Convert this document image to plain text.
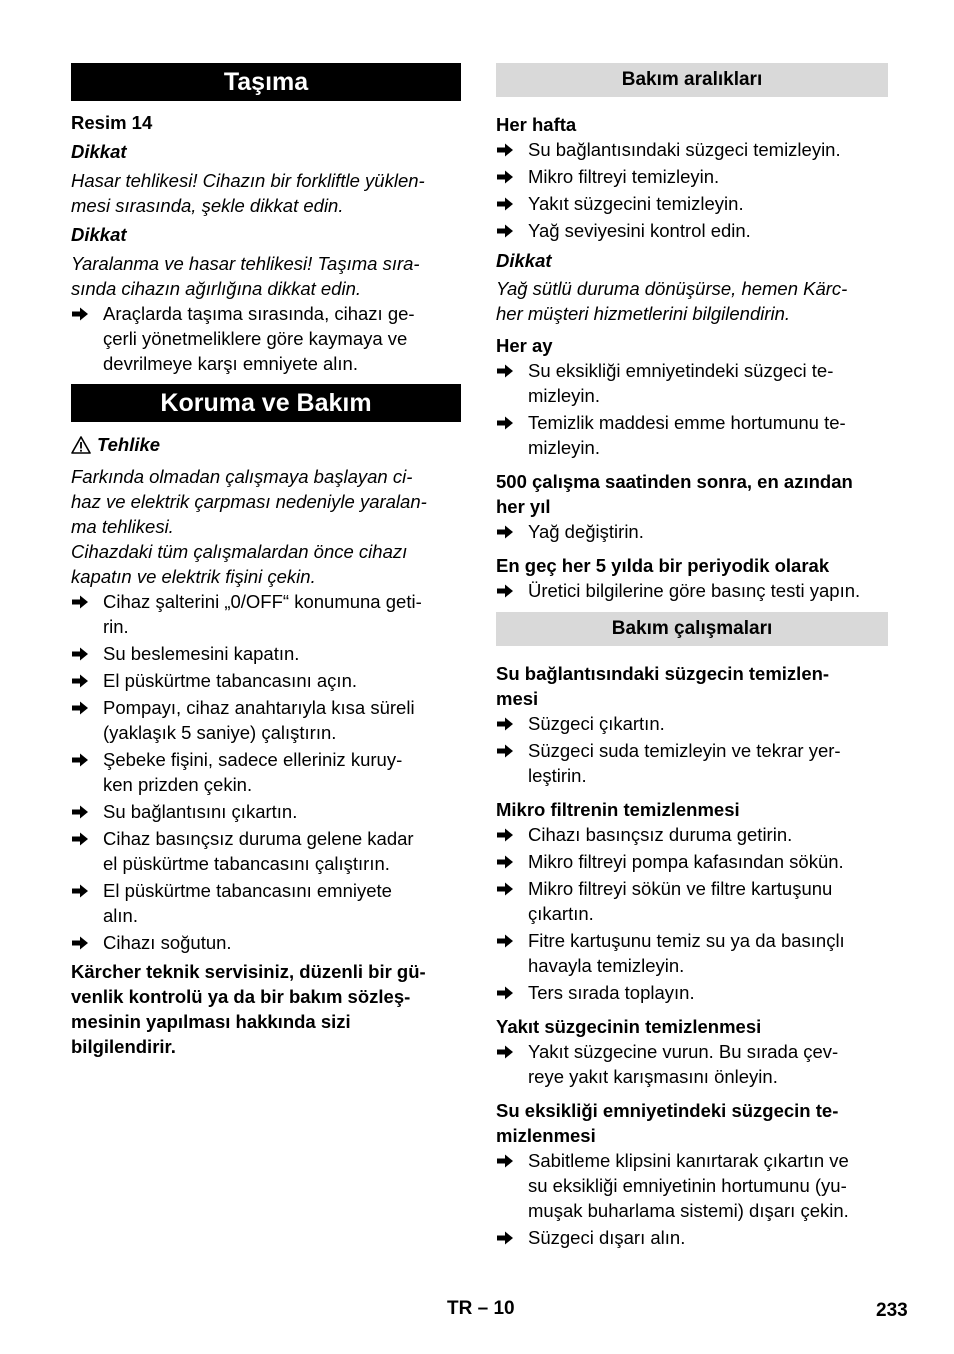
Taşıma
Resim 14
Dikkat
Hasar tehlikesi! Cihazın bir forkliftle yüklen-
mesi sırasında, şekle dikkat edin.
Dikkat
Yaralanma ve hasar tehlikesi! Taşıma sıra-
sında cihazın ağırlığına dikkat edin.
Araçlarda taşıma sırasında, cihazı ge-
çerli yönetmeliklere göre kaymaya ve
devrilmeye karşı emniyete alın.
Koruma ve Bakım
Tehlike
Farkında olmadan çalışmaya başlayan ci-
haz ve elektrik çarpması nedeniyle yaralan-
ma tehlikesi.
Cihazdaki tüm çalışmalardan önce cihazı
kapatın ve elektrik fişini çekin.
Cihaz şalterini „0/OFF“ konumuna geti-
rin.
Su beslemesini kapatın.
El püskürtme tabancasını açın.
Pompayı, cihaz anahtarıyla kısa süreli
(yaklaşık 5 saniye) çalıştırın.
Şebeke fişini, sadece elleriniz kuruy-
ken prizden çekin.
Su bağlantısını çıkartın.
Cihaz basınçsız duruma gelene kadar
el püskürtme tabancasını çalıştırın.
El püskürtme tabancasını emniyete
alın.
Cihazı soğutun.
Kärcher teknik servisiniz, düzenli bir gü-
venlik kontrolü ya da bir bakım sözleş-
mesinin yapılması hakkında sizi
bilgilendirir.
Bakım aralıkları
Her hafta
Su bağlantısındaki süzgeci temizleyin.
Mikro filtreyi temizleyin.
Yakıt süzgecini temizleyin.
Yağ seviyesini kontrol edin.
Dikkat
Yağ sütlü duruma dönüşürse, hemen Kärc-
her müşteri hizmetlerini bilgilendirin.
Her ay
Su eksikliği emniyetindeki süzgeci te-
mizleyin.
Temizlik maddesi emme hortumunu te-
mizleyin.
500 çalışma saatinden sonra, en azından
her yıl
Yağ değiştirin.
En geç her 5 yılda bir periyodik olarak
Üretici bilgilerine göre basınç testi yapın.
Bakım çalışmaları
Su bağlantısındaki süzgecin temizlen-
mesi
Süzgeci çıkartın.
Süzgeci suda temizleyin ve tekrar yer-
leştirin.
Mikro filtrenin temizlenmesi
Cihazı basınçsız duruma getirin.
Mikro filtreyi pompa kafasından sökün.
Mikro filtreyi sökün ve filtre kartuşunu
çıkartın.
Fitre kartuşunu temiz su ya da basınçlı
havayla temizleyin.
Ters sırada toplayın.
Yakıt süzgecinin temizlenmesi
Yakıt süzgecine vurun. Bu sırada çev-
reye yakıt karışmasını önleyin.
Su eksikliği emniyetindeki süzgecin te-
mizlenmesi
Sabitleme klipsini kanırtarak çıkartın ve
su eksikliği emniyetinin hortumunu (yu-
muşak buharlama sistemi) dışarı çekin.
Süzgeci dışarı alın.
TR – 10	233
